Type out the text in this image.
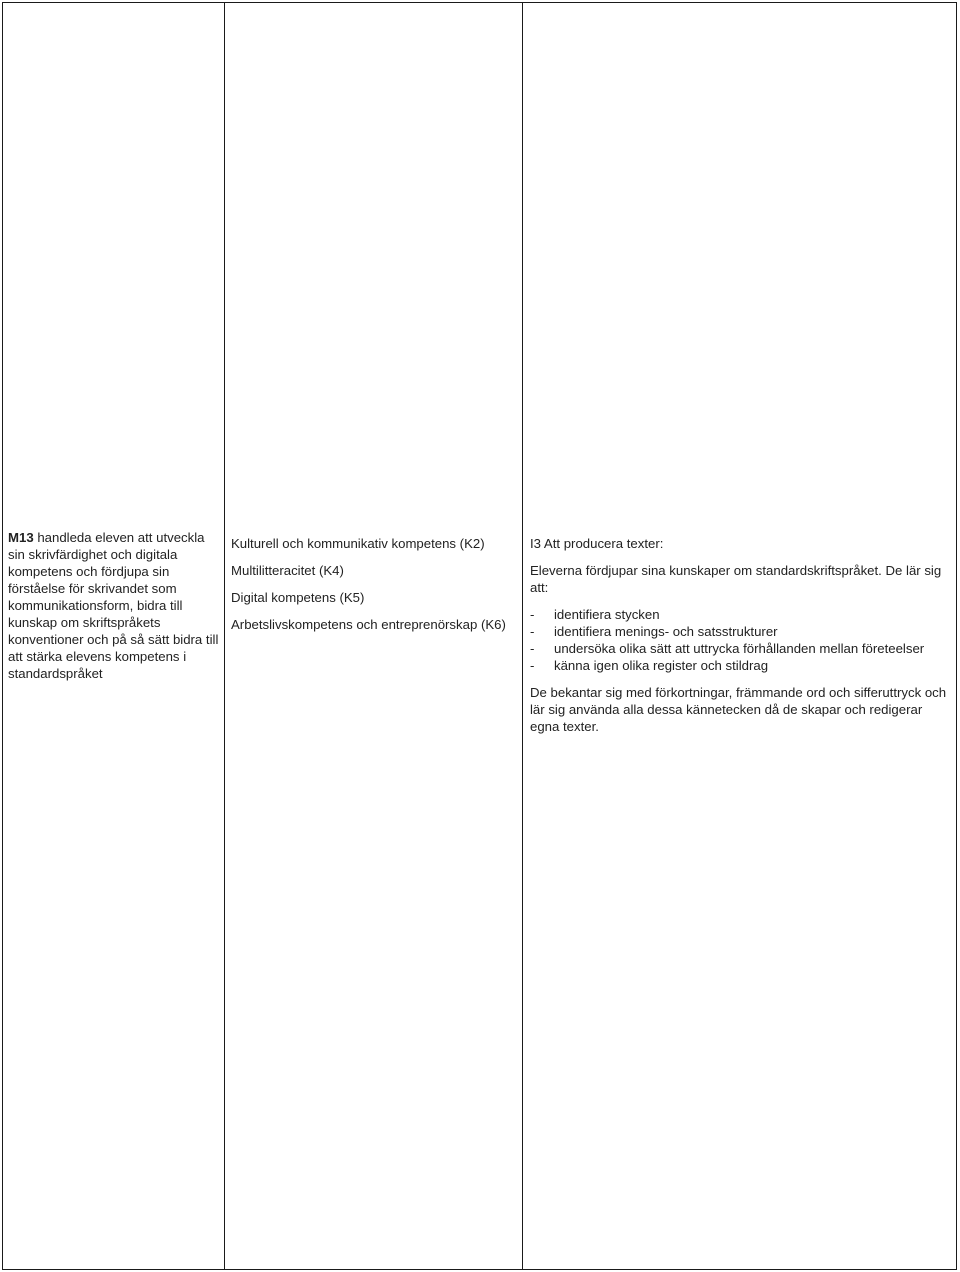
M13 handleda eleven att utveckla sin skrivfärdighet och digitala kompetens och fördjupa sin förståelse för skrivandet som kommunikationsform, bidra till kunskap om skriftspråkets konventioner och på så sätt bidra till att stärka elevens kompetens i standardspråket

Kulturell och kommunikativ kompetens (K2)

Multilitteracitet (K4)

Digital kompetens (K5)

Arbetslivskompetens och entreprenörskap (K6)

I3 Att producera texter:

Eleverna fördjupar sina kunskaper om standardskriftspråket. De lär sig att:

- identifiera stycken
- identifiera menings- och satsstrukturer
- undersöka olika sätt att uttrycka förhållanden mellan företeelser
- känna igen olika register och stildrag

De bekantar sig med förkortningar, främmande ord och sifferuttryck och lär sig använda alla dessa kännetecken då de skapar och redigerar egna texter.
